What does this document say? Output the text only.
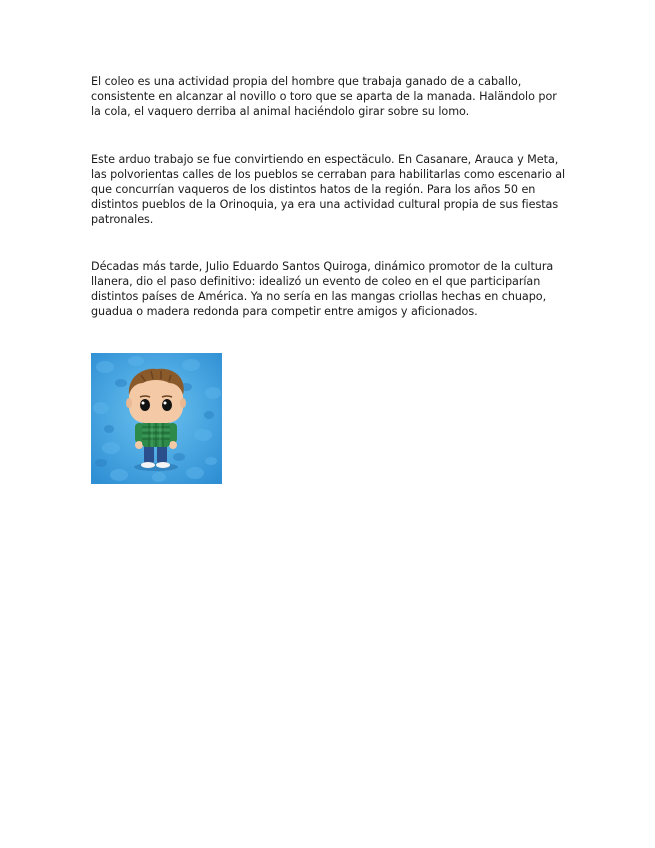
El coleo es una actividad propia del hombre que trabaja ganado de a caballo, consistente en alcanzar al novillo o toro que se aparta de la manada. Haländolo por la cola, el vaquero derriba al animal haciéndolo girar sobre su lomo.

Este arduo trabajo se fue convirtiendo en espectäculo. En Casanare, Arauca y Meta, las polvorientas calles de los pueblos se cerraban para habilitarlas como escenario al que concurrían vaqueros de los distintos hatos de la región. Para los años 50 en distintos pueblos de la Orinoquia, ya era una actividad cultural propia de sus fiestas patronales.

Décadas más tarde, Julio Eduardo Santos Quiroga, dinámico promotor de la cultura llanera, dio el paso definitivo: idealizó un evento de coleo en el que participarían distintos países de América. Ya no sería en las mangas criollas hechas en chuapo, guadua o madera redonda para competir entre amigos y aficionados.
